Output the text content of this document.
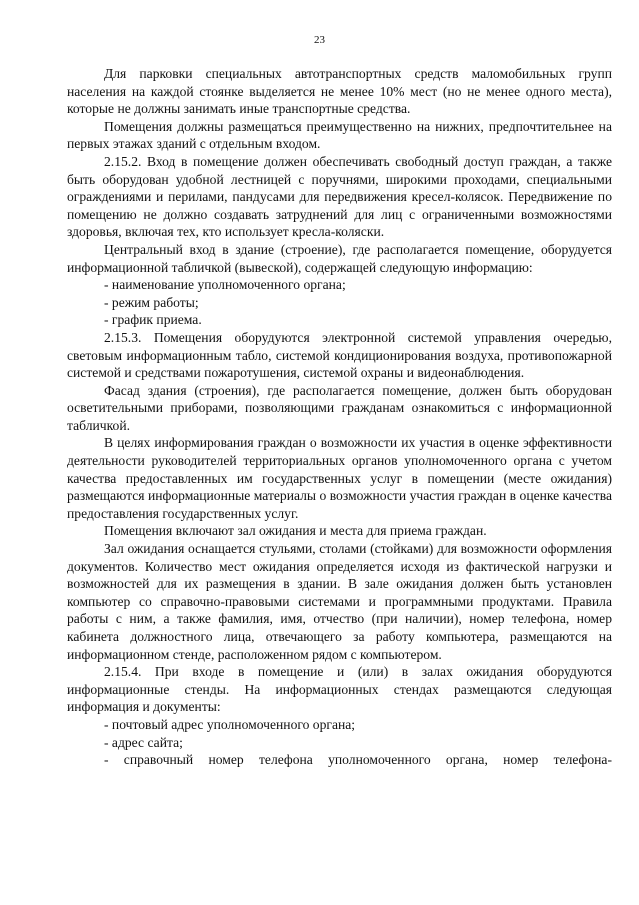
23

Для парковки специальных автотранспортных средств маломобильных групп населения на каждой стоянке выделяется не менее 10% мест (но не менее одного места), которые не должны занимать иные транспортные средства.

Помещения должны размещаться преимущественно на нижних, предпочтительнее на первых этажах зданий с отдельным входом.

2.15.2. Вход в помещение должен обеспечивать свободный доступ граждан, а также быть оборудован удобной лестницей с поручнями, широкими проходами, специальными ограждениями и перилами, пандусами для передвижения кресел-колясок. Передвижение по помещению не должно создавать затруднений для лиц с ограниченными возможностями здоровья, включая тех, кто использует кресла-коляски.

Центральный вход в здание (строение), где располагается помещение, оборудуется информационной табличкой (вывеской), содержащей следующую информацию:

- наименование уполномоченного органа;

- режим работы;

- график приема.

2.15.3. Помещения оборудуются электронной системой управления очередью, световым информационным табло, системой кондиционирования воздуха, противопожарной системой и средствами пожаротушения, системой охраны и видеонаблюдения.

Фасад здания (строения), где располагается помещение, должен быть оборудован осветительными приборами, позволяющими гражданам ознакомиться с информационной табличкой.

В целях информирования граждан о возможности их участия в оценке эффективности деятельности руководителей территориальных органов уполномоченного органа с учетом качества предоставленных им государственных услуг в помещении (месте ожидания) размещаются информационные материалы о возможности участия граждан в оценке качества предоставления государственных услуг.

Помещения включают зал ожидания и места для приема граждан.

Зал ожидания оснащается стульями, столами (стойками) для возможности оформления документов. Количество мест ожидания определяется исходя из фактической нагрузки и возможностей для их размещения в здании. В зале ожидания должен быть установлен компьютер со справочно-правовыми системами и программными продуктами. Правила работы с ним, а также фамилия, имя, отчество (при наличии), номер телефона, номер кабинета должностного лица, отвечающего за работу компьютера, размещаются на информационном стенде, расположенном рядом с компьютером.

2.15.4. При входе в помещение и (или) в залах ожидания оборудуются информационные стенды. На информационных стендах размещаются следующая информация и документы:

- почтовый адрес уполномоченного органа;

- адрес сайта;

- справочный номер телефона уполномоченного органа, номер телефона-
